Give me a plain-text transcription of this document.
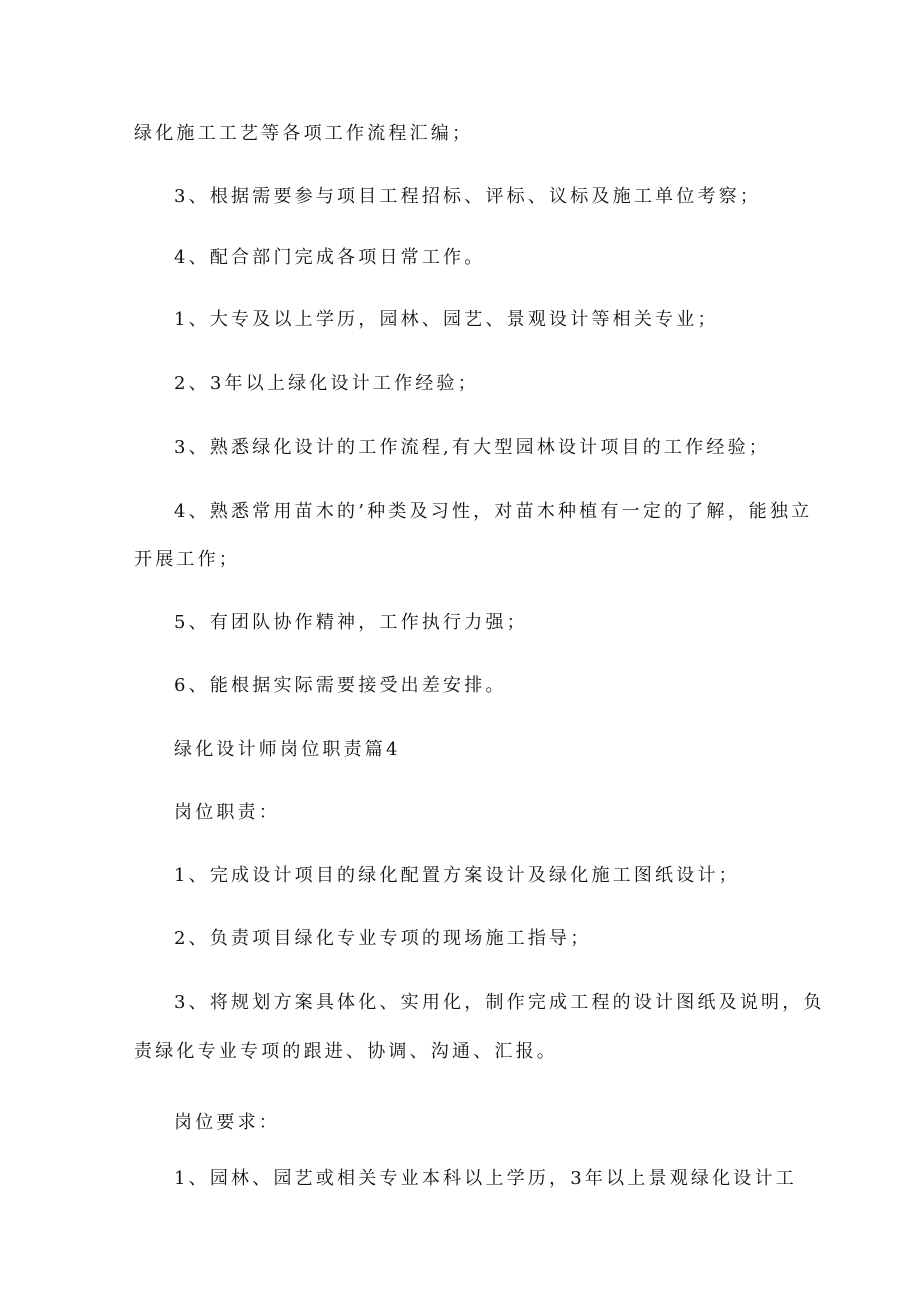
绿化施工工艺等各项工作流程汇编；
3、根据需要参与项目工程招标、评标、议标及施工单位考察；
4、配合部门完成各项日常工作。
1、大专及以上学历，园林、园艺、景观设计等相关专业；
2、3年以上绿化设计工作经验；
3、熟悉绿化设计的工作流程,有大型园林设计项目的工作经验；
4、熟悉常用苗木的’种类及习性，对苗木种植有一定的了解，能独立
开展工作；
5、有团队协作精神，工作执行力强；
6、能根据实际需要接受出差安排。
绿化设计师岗位职责篇4
岗位职责：
1、完成设计项目的绿化配置方案设计及绿化施工图纸设计；
2、负责项目绿化专业专项的现场施工指导；
3、将规划方案具体化、实用化，制作完成工程的设计图纸及说明，负
责绿化专业专项的跟进、协调、沟通、汇报。
岗位要求：
1、园林、园艺或相关专业本科以上学历，3年以上景观绿化设计工
